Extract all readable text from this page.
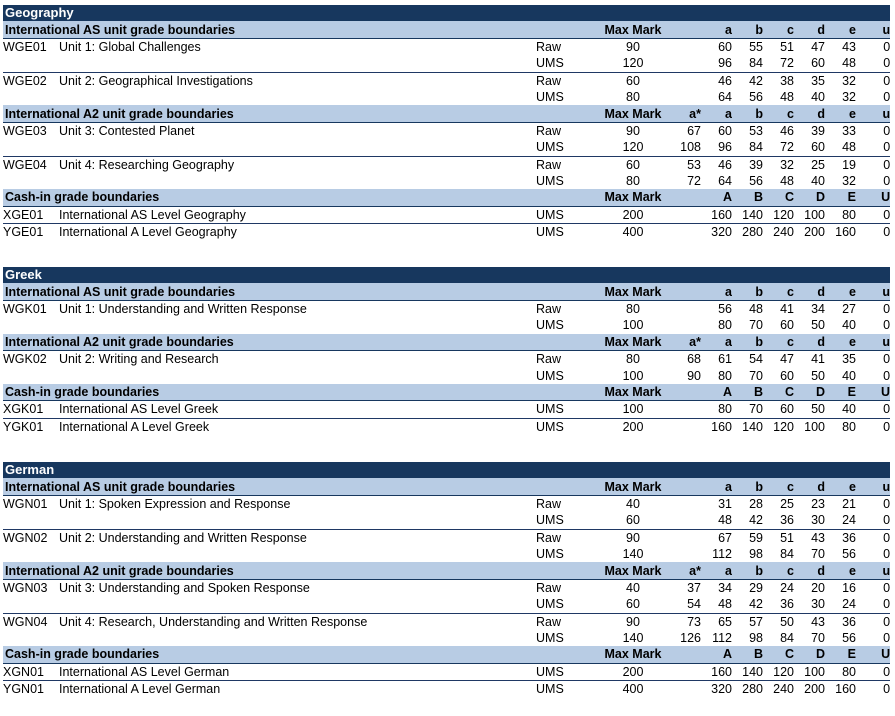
Geography										
International AS unit grade boundaries			Max Mark		a	b	c	d	e	u
WGE01 Unit 1: Global Challenges	Raw		90		60	55	51	47	43	0
	UMS		120		96	84	72	60	48	0
WGE02 Unit 2: Geographical Investigations	Raw		60		46	42	38	35	32	0
	UMS		80		64	56	48	40	32	0
International A2 unit grade boundaries			Max Mark	a*	a	b	c	d	e	u
WGE03 Unit 3: Contested Planet	Raw		90	67	60	53	46	39	33	0
	UMS		120	108	96	84	72	60	48	0
WGE04 Unit 4: Researching Geography	Raw		60	53	46	39	32	25	19	0
	UMS		80	72	64	56	48	40	32	0
Cash-in grade boundaries			Max Mark		A	B	C	D	E	U
XGE01 International AS Level Geography	UMS		200		160	140	120	100	80	0
YGE01 International A Level Geography	UMS		400		320	280	240	200	160	0
Greek										
International AS unit grade boundaries			Max Mark		a	b	c	d	e	u
WGK01 Unit 1: Understanding and Written Response	Raw		80		56	48	41	34	27	0
	UMS		100		80	70	60	50	40	0
International A2 unit grade boundaries			Max Mark	a*	a	b	c	d	e	u
WGK02 Unit 2: Writing and Research	Raw		80	68	61	54	47	41	35	0
	UMS		100	90	80	70	60	50	40	0
Cash-in grade boundaries			Max Mark		A	B	C	D	E	U
XGK01 International AS Level Greek	UMS		100		80	70	60	50	40	0
YGK01 International A Level Greek	UMS		200		160	140	120	100	80	0
German										
International AS unit grade boundaries			Max Mark		a	b	c	d	e	u
WGN01 Unit 1: Spoken Expression and Response	Raw		40		31	28	25	23	21	0
	UMS		60		48	42	36	30	24	0
WGN02 Unit 2: Understanding and Written Response	Raw		90		67	59	51	43	36	0
	UMS		140		112	98	84	70	56	0
International A2 unit grade boundaries			Max Mark	a*	a	b	c	d	e	u
WGN03 Unit 3: Understanding and Spoken Response	Raw		40	37	34	29	24	20	16	0
	UMS		60	54	48	42	36	30	24	0
WGN04 Unit 4: Research, Understanding and Written Response	Raw		90	73	65	57	50	43	36	0
	UMS		140	126	112	98	84	70	56	0
Cash-in grade boundaries			Max Mark		A	B	C	D	E	U
XGN01 International AS Level German	UMS		200		160	140	120	100	80	0
YGN01 International A Level German	UMS		400		320	280	240	200	160	0
